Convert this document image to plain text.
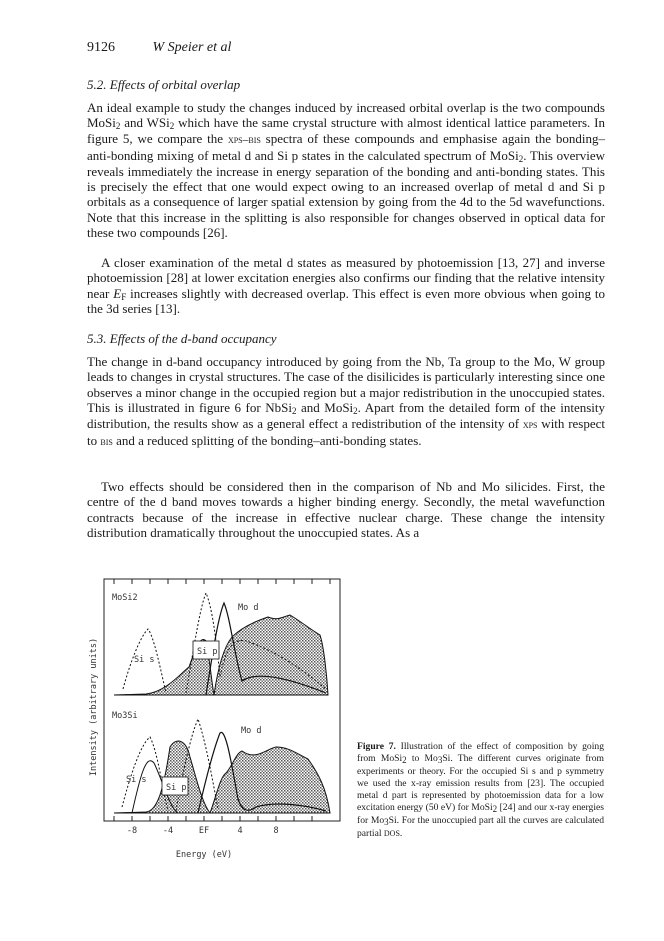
9126	W Speier et al
5.2. Effects of orbital overlap

An ideal example to study the changes induced by increased orbital overlap is the two compounds MoSi$_2$ and WSi$_2$ which have the same crystal structure with almost identical lattice parameters. In figure 5, we compare the xps–bis spectra of these compounds and emphasise again the bonding–anti-bonding mixing of metal d and Si p states in the calculated spectrum of MoSi$_2$. This overview reveals immediately the increase in energy separation of the bonding and anti-bonding states. This is precisely the effect that one would expect owing to an increased overlap of metal d and Si p orbitals as a consequence of larger spatial extension by going from the 4d to the 5d wavefunctions. Note that this increase in the splitting is also responsible for changes observed in optical data for these two compounds [26].

A closer examination of the metal d states as measured by photoemission [13, 27] and inverse photoemission [28] at lower excitation energies also confirms our finding that the relative intensity near $E_F$ increases slightly with decreased overlap. This effect is even more obvious when going to the 3d series [13].

5.3. Effects of the d-band occupancy

The change in d-band occupancy introduced by going from the Nb, Ta group to the Mo, W group leads to changes in crystal structures. The case of the disilicides is particularly interesting since one observes a minor change in the occupied region but a major redistribution in the unoccupied states. This is illustrated in figure 6 for NbSi$_2$ and MoSi$_2$. Apart from the detailed form of the intensity distribution, the results show as a general effect a redistribution of the intensity of xps with respect to bis and a reduced splitting of the bonding–anti-bonding states.

Two effects should be considered then in the comparison of Nb and Mo silicides. First, the centre of the d band moves towards a higher binding energy. Secondly, the metal wavefunction contracts because of the increase in effective nuclear charge. These change the intensity distribution dramatically throughout the unoccupied states. As a

MoSi2
Si s
Si p
Mo d
Mo3Si
Si s
Si p
Mo d
-8	-4	EF	4	8
Energy (eV)
Intensity (arbitrary units)	Figure 7. Illustration of the effect of composition by going from MoSi$_2$ to $Mo_3Si$. The different curves originate from experiments or theory. For the occupied Si s and p symmetry we used the x-ray emission results from [23]. The occupied metal d part is represented by photoemission data for a low excitation energy (50 eV) for MoSi$_2$ [24] and our x-ray energies for $Mo_3Si$. For the unoccupied part all the curves are calculated partial dos.
